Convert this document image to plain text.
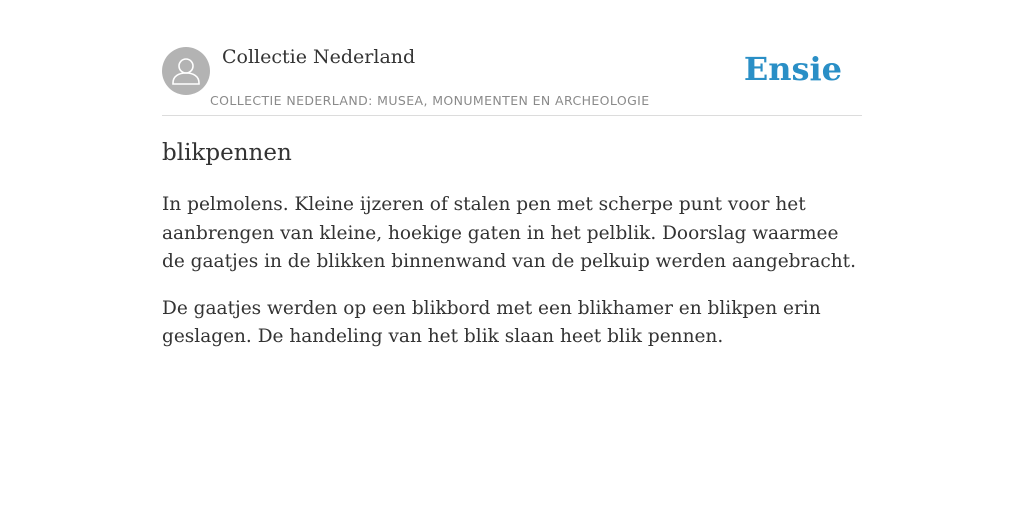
Collectie Nederland
COLLECTIE NEDERLAND: MUSEA, MONUMENTEN EN ARCHEOLOGIE
Ensie
blikpennen

In pelmolens. Kleine ijzeren of stalen pen met scherpe punt voor het aanbrengen van kleine, hoekige gaten in het pelblik. Doorslag waarmee de gaatjes in de blikken binnenwand van de pelkuip werden aangebracht.

De gaatjes werden op een blikbord met een blikhamer en blikpen erin geslagen. De handeling van het blik slaan heet blik pennen.
